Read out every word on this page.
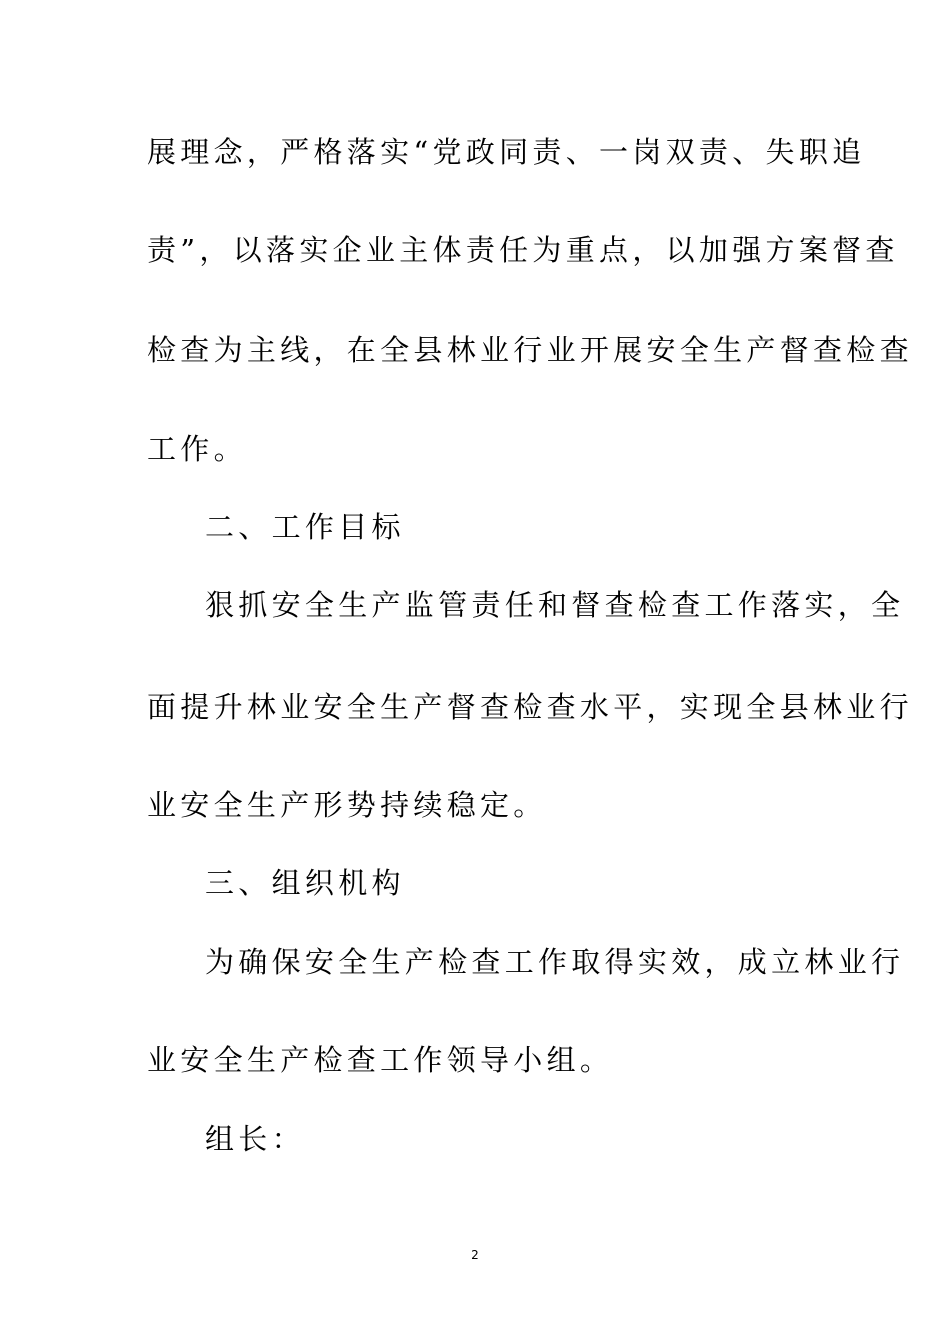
展理念，严格落实“党政同责、一岗双责、失职追
责”，以落实企业主体责任为重点，以加强方案督查
检查为主线，在全县林业行业开展安全生产督查检查
工作。
二、工作目标
狠抓安全生产监管责任和督查检查工作落实，全
面提升林业安全生产督查检查水平，实现全县林业行
业安全生产形势持续稳定。
三、组织机构
为确保安全生产检查工作取得实效，成立林业行
业安全生产检查工作领导小组。
组长：
2
